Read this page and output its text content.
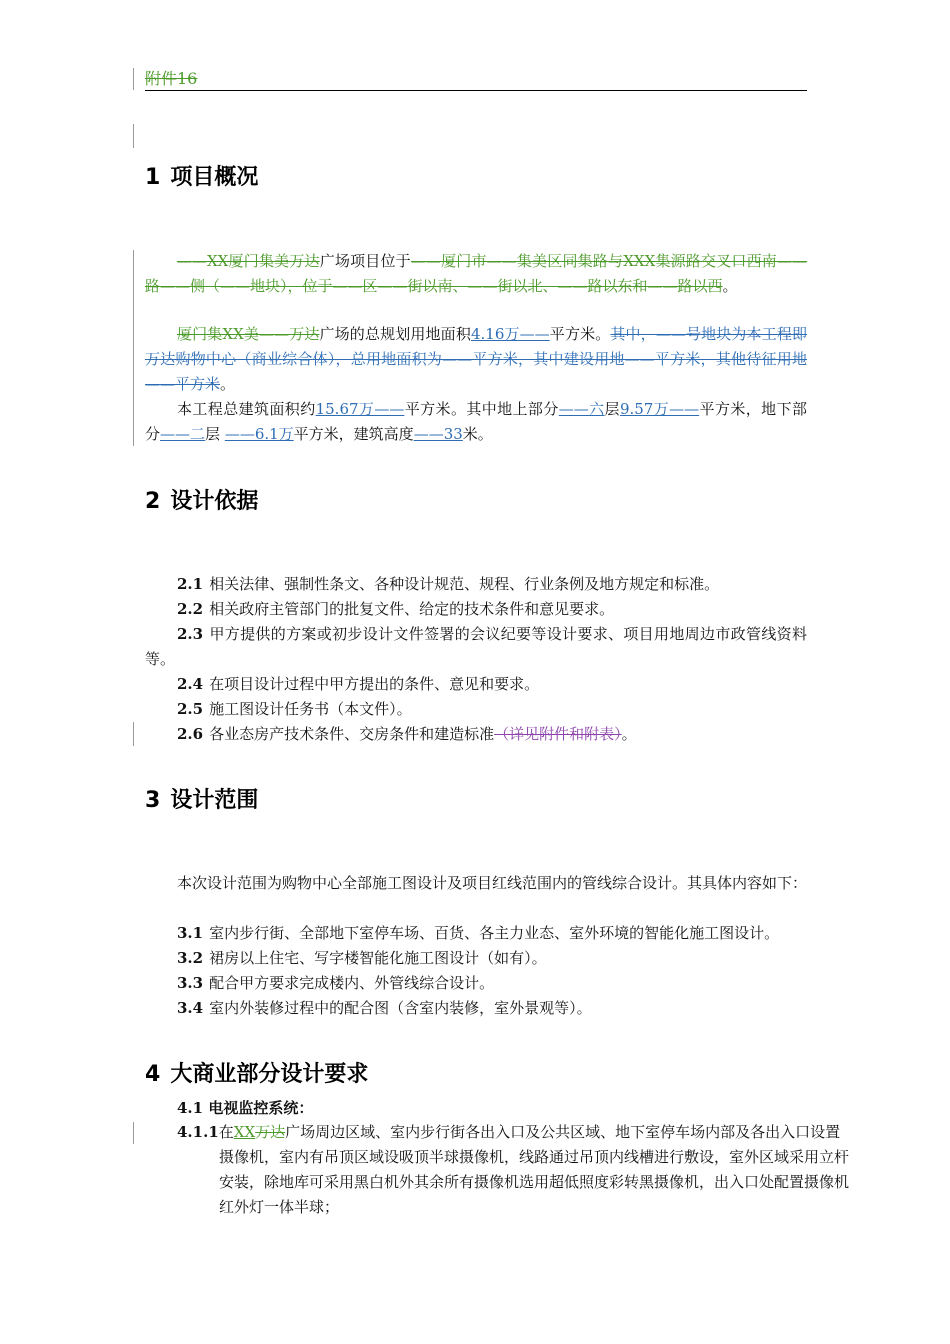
附件16
1 项目概况

——XX厦门集美万达广场项目位于——厦门市——集美区同集路与XXX集源路交叉口西南——路——侧（——地块），位于——区——街以南、——街以北、——路以东和——路以西。

厦门集XX美——万达广场的总规划用地面积4.16万——平方米。其中，——号地块为本工程即万达购物中心（商业综合体），总用地面积为——平方米，其中建设用地——平方米，其他待征用地——平方米。

本工程总建筑面积约15.67万——平方米。其中地上部分——六层9.57万——平方米，地下部分——二层 ——6.1万平方米，建筑高度——33米。

2 设计依据

2.1 相关法律、强制性条文、各种设计规范、规程、行业条例及地方规定和标准。

2.2 相关政府主管部门的批复文件、给定的技术条件和意见要求。

2.3 甲方提供的方案或初步设计文件签署的会议纪要等设计要求、项目用地周边市政管线资料等。

2.4 在项目设计过程中甲方提出的条件、意见和要求。

2.5 施工图设计任务书（本文件）。

2.6 各业态房产技术条件、交房条件和建造标准（详见附件和附表）。

3 设计范围

本次设计范围为购物中心全部施工图设计及项目红线范围内的管线综合设计。其具体内容如下：

3.1 室内步行街、全部地下室停车场、百货、各主力业态、室外环境的智能化施工图设计。

3.2 裙房以上住宅、写字楼智能化施工图设计（如有）。

3.3 配合甲方要求完成楼内、外管线综合设计。

3.4 室内外装修过程中的配合图（含室内装修，室外景观等）。

4 大商业部分设计要求

4.1 电视监控系统：

4.1.1在XX万达广场周边区域、室内步行街各出入口及公共区域、地下室停车场内部及各出入口设置摄像机，室内有吊顶区域设吸顶半球摄像机，线路通过吊顶内线槽进行敷设，室外区域采用立杆安装，除地库可采用黑白机外其余所有摄像机选用超低照度彩转黑摄像机，出入口处配置摄像机红外灯一体半球；
